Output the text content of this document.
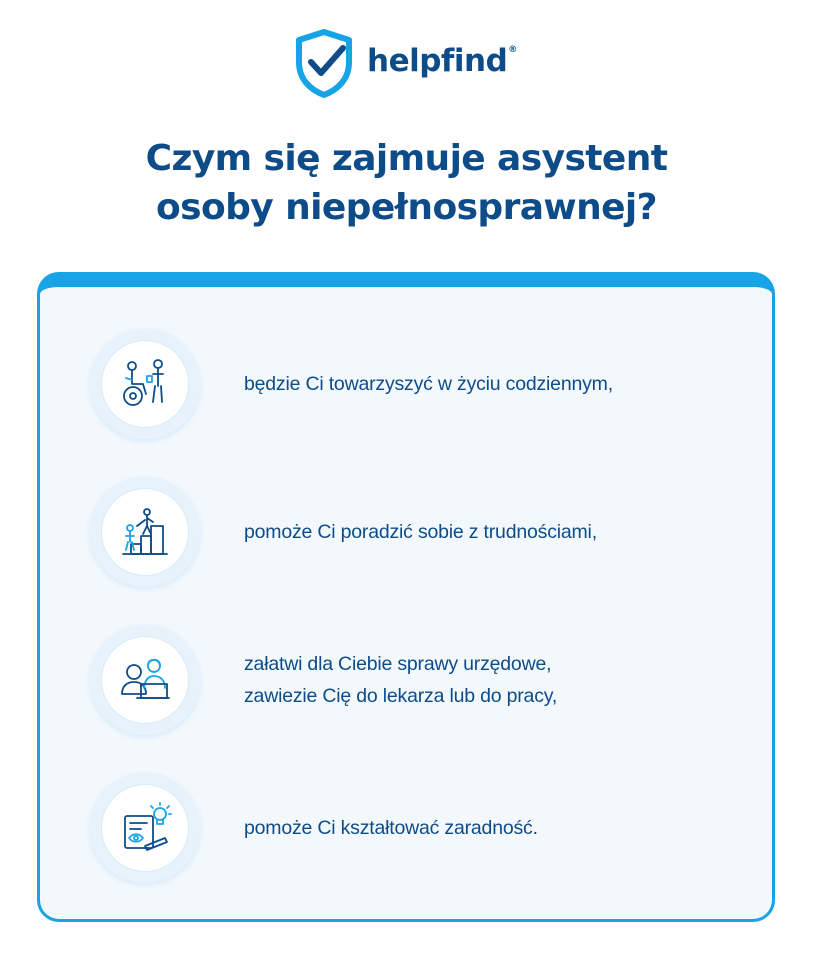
helpfind®
Czym się zajmuje asystent
osoby niepełnosprawnej?
będzie Ci towarzyszyć w życiu codziennym,
pomoże Ci poradzić sobie z trudnościami,
załatwi dla Ciebie sprawy urzędowe,
zawiezie Cię do lekarza lub do pracy,
pomoże Ci kształtować zaradność.
